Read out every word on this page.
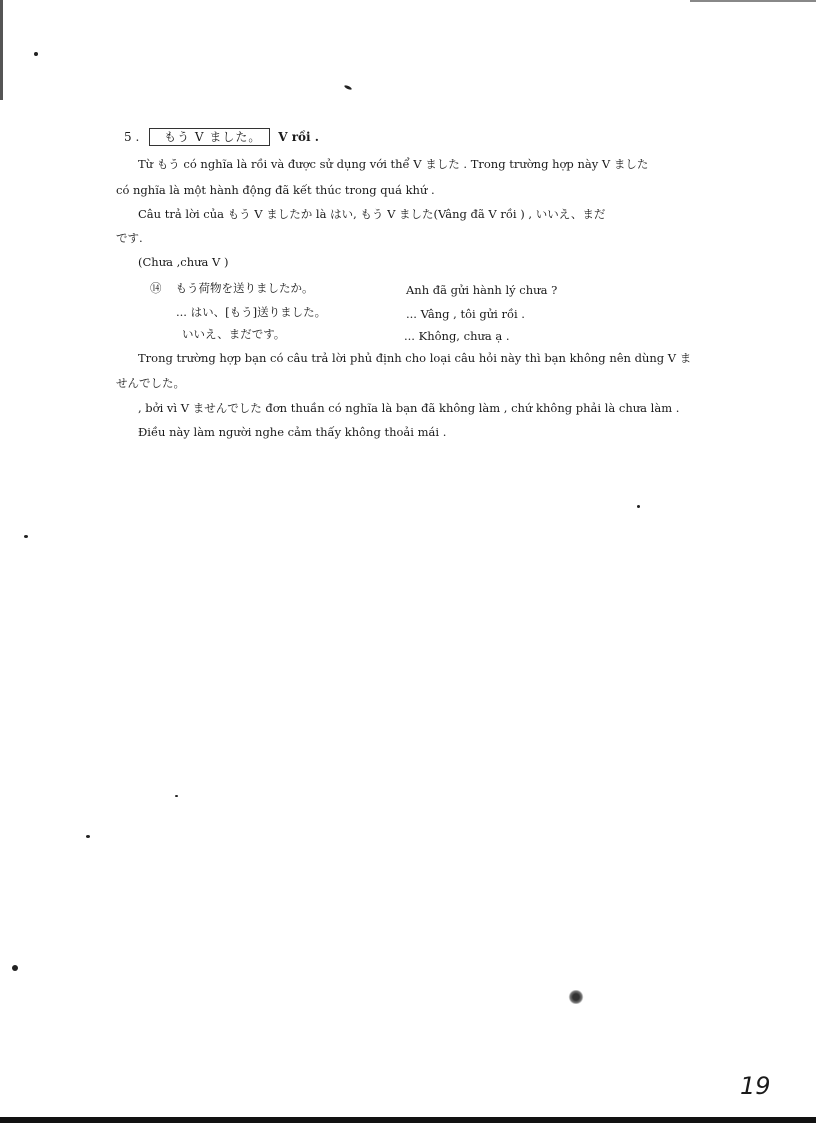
5 . もう V ました。 V rồi .
Từ もう có nghĩa là rồi và được sử dụng với thể V ました . Trong trường hợp này V ました
có nghĩa là một hành động đã kết thúc trong quá khứ .
Câu trả lời của もう V ましたか là はい, もう V ました(Vâng đã V rồi ) , いいえ、まだ
です.
(Chưa ,chưa V )
⑭ もう荷物を送りましたか。	Anh đã gửi hành lý chưa ?
... はい、[もう]送りました。	... Vâng , tôi gửi rồi .
いいえ、まだです。	... Không, chưa ạ .
Trong trường hợp bạn có câu trả lời phủ định cho loại câu hỏi này thì bạn không nên dùng V ま
せんでした。
, bởi vì V ませんでした đơn thuần có nghĩa là bạn đã không làm , chứ không phải là chưa làm .
Điều này làm người nghe cảm thấy không thoải mái .
19
